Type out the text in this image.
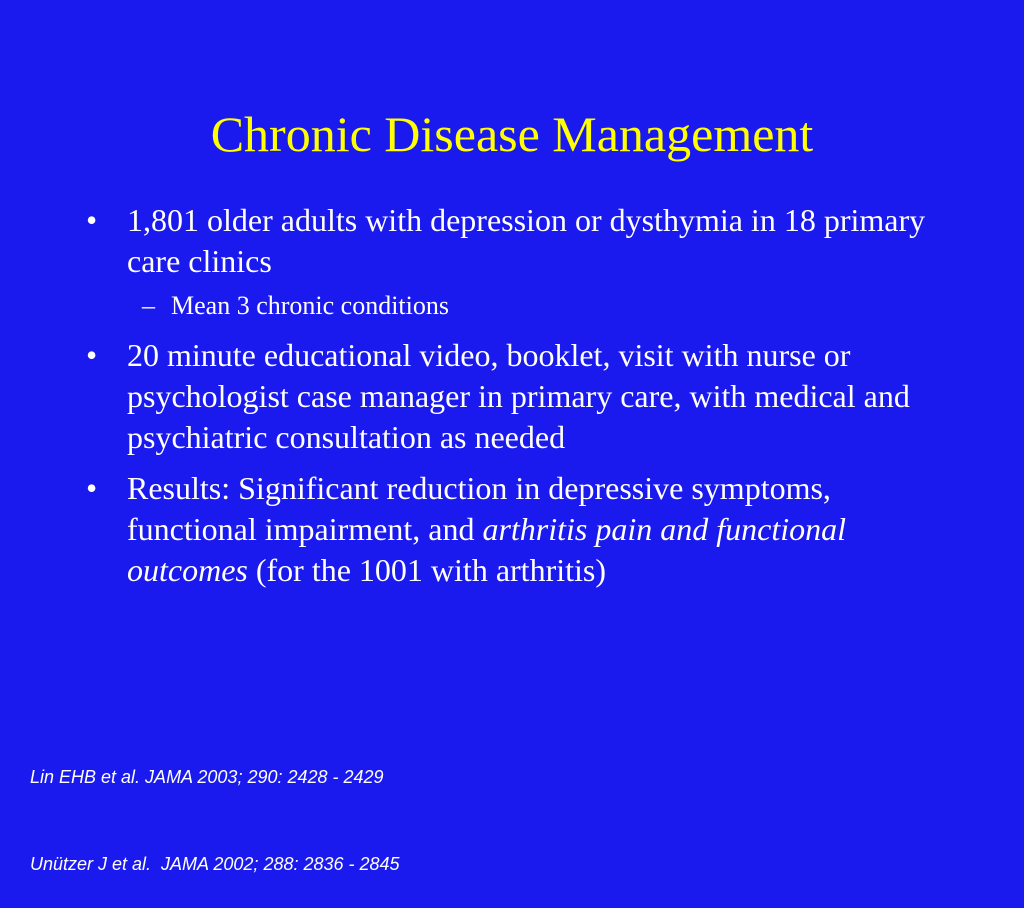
Chronic Disease Management
• 1,801 older adults with depression or dysthymia in 18 primary care clinics
– Mean 3 chronic conditions
• 20 minute educational video, booklet, visit with nurse or psychologist case manager in primary care, with medical and psychiatric consultation as needed
• Results: Significant reduction in depressive symptoms, functional impairment, and arthritis pain and functional outcomes (for the 1001 with arthritis)

Lin EHB et al. JAMA 2003; 290: 2428 - 2429

Unützer J et al.  JAMA 2002; 288: 2836 - 2845
